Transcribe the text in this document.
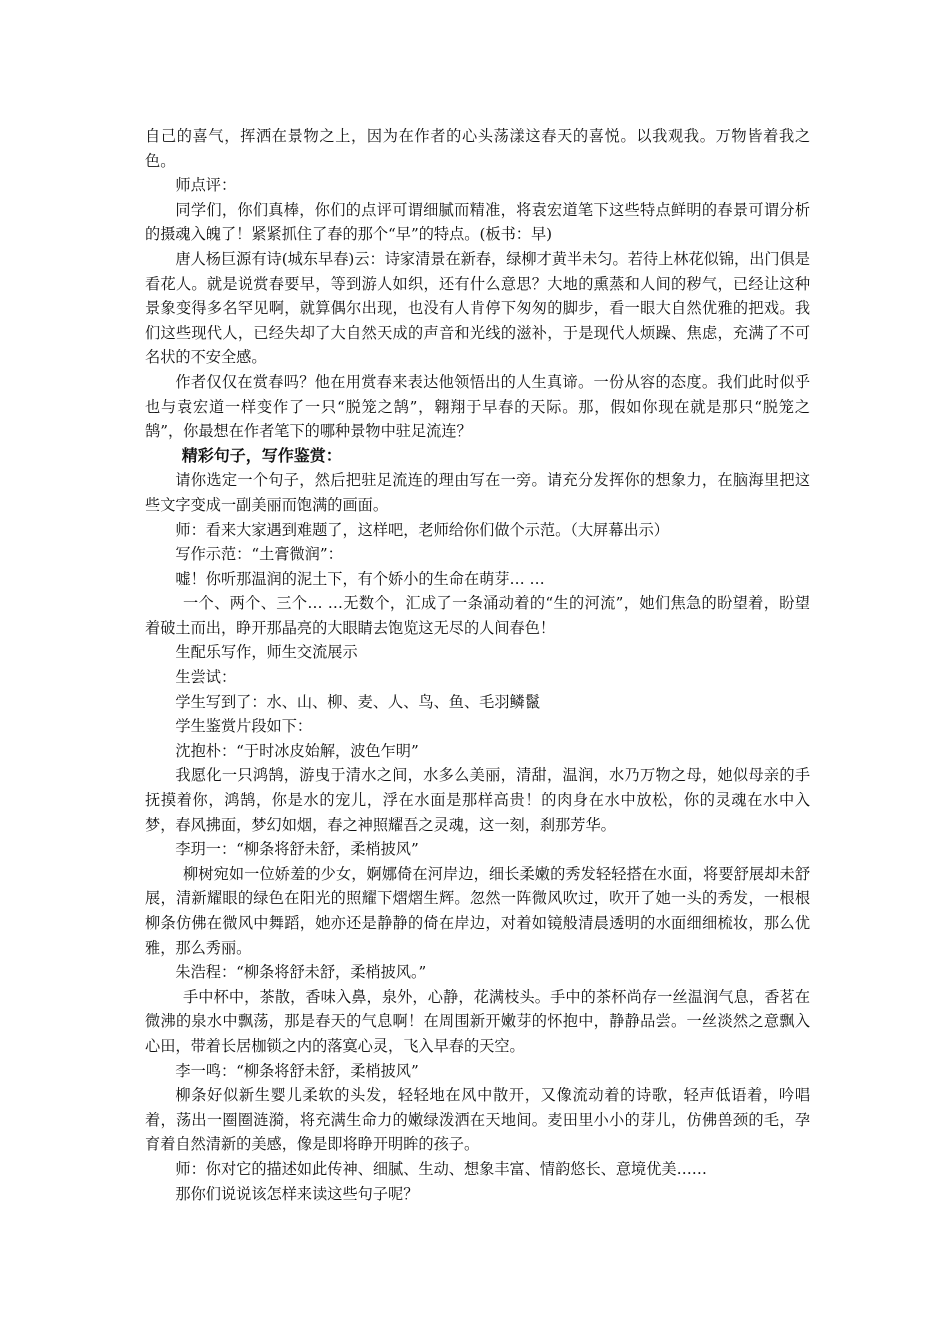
自己的喜气，挥洒在景物之上，因为在作者的心头荡漾这春天的喜悦。以我观我。万物皆着我之色。

师点评：

同学们，你们真棒，你们的点评可谓细腻而精准，将袁宏道笔下这些特点鲜明的春景可谓分析的摄魂入魄了！紧紧抓住了春的那个“早”的特点。(板书：早)

唐人杨巨源有诗(城东早春)云：诗家清景在新春，绿柳才黄半未匀。若待上林花似锦，出门俱是看花人。就是说赏春要早，等到游人如织，还有什么意思？大地的熏蒸和人间的秽气，已经让这种景象变得多名罕见啊，就算偶尔出现，也没有人肯停下匆匆的脚步，看一眼大自然优雅的把戏。我们这些现代人，已经失却了大自然天成的声音和光线的滋补，于是现代人烦躁、焦虑，充满了不可名状的不安全感。

作者仅仅在赏春吗？他在用赏春来表达他领悟出的人生真谛。一份从容的态度。我们此时似乎也与袁宏道一样变作了一只“脱笼之鹄”，翱翔于早春的天际。那，假如你现在就是那只“脱笼之鹄”，你最想在作者笔下的哪种景物中驻足流连？

精彩句子，写作鉴赏：

请你选定一个句子，然后把驻足流连的理由写在一旁。请充分发挥你的想象力，在脑海里把这些文字变成一副美丽而饱满的画面。

师：看来大家遇到难题了，这样吧，老师给你们做个示范。（大屏幕出示）

写作示范：“土膏微润”：

嘘！你听那温润的泥土下，有个娇小的生命在萌芽… …

一个、两个、三个… …无数个，汇成了一条涌动着的“生的河流”，她们焦急的盼望着，盼望着破土而出，睁开那晶亮的大眼睛去饱览这无尽的人间春色！

生配乐写作，师生交流展示

生尝试：

学生写到了：水、山、柳、麦、人、鸟、鱼、毛羽鳞鬣

学生鉴赏片段如下：

沈抱朴：“于时冰皮始解，波色乍明”

我愿化一只鸿鹄，游曳于清水之间，水多么美丽，清甜，温润，水乃万物之母，她似母亲的手抚摸着你，鸿鹄，你是水的宠儿，浮在水面是那样高贵！的肉身在水中放松，你的灵魂在水中入梦，春风拂面，梦幻如烟，春之神照耀吾之灵魂，这一刻，刹那芳华。

李玥一：“柳条将舒未舒，柔梢披风”

柳树宛如一位娇羞的少女，婀娜倚在河岸边，细长柔嫩的秀发轻轻搭在水面，将要舒展却未舒展，清新耀眼的绿色在阳光的照耀下熠熠生辉。忽然一阵微风吹过，吹开了她一头的秀发，一根根柳条仿佛在微风中舞蹈，她亦还是静静的倚在岸边，对着如镜般清晨透明的水面细细梳妆，那么优雅，那么秀丽。

朱浩程：“柳条将舒未舒，柔梢披风。”

手中杯中，茶散，香味入鼻，泉外，心静，花满枝头。手中的茶杯尚存一丝温润气息，香茗在微沸的泉水中飘荡，那是春天的气息啊！在周围新开嫩芽的怀抱中，静静品尝。一丝淡然之意飘入心田，带着长居枷锁之内的落寞心灵，飞入早春的天空。

李一鸣：“柳条将舒未舒，柔梢披风”

柳条好似新生婴儿柔软的头发，轻轻地在风中散开，又像流动着的诗歌，轻声低语着，吟唱着，荡出一圈圈涟漪，将充满生命力的嫩绿泼洒在天地间。麦田里小小的芽儿，仿佛兽颈的毛，孕育着自然清新的美感，像是即将睁开明眸的孩子。

师：你对它的描述如此传神、细腻、生动、想象丰富、情韵悠长、意境优美……

那你们说说该怎样来读这些句子呢？
